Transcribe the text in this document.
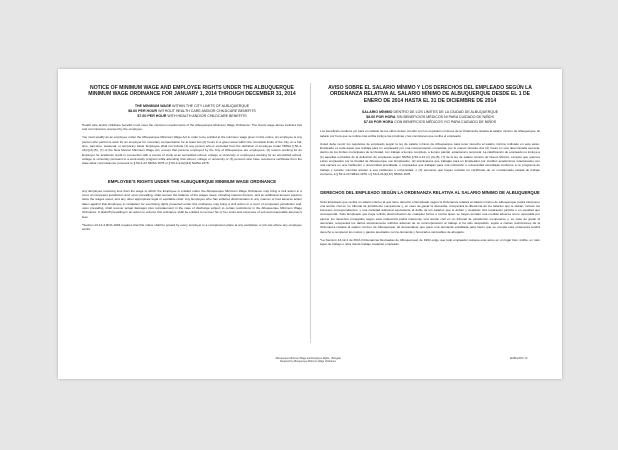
NOTICE OF MINIMUM WAGE AND EMPLOYEE RIGHTS UNDER THE ALBUQUERQUE MINIMUM WAGE ORDINANCE FOR JANUARY 1, 2014 THROUGH DECEMBER 31, 2014
THE MINIMUM WAGE WITHIN THE CITY LIMITS OF ALBUQUERQUE
$8.60 PER HOUR WITHOUT HEALTH CARE AND/OR CHILDCARE BENEFITS
$7.60 PER HOUR WITH HEALTH AND/OR CHILDCARE BENEFITS
Health care and/or childcare benefits must meet the minimum requirements of the Albuquerque Minimum Wage Ordinance. The hourly wage above includes tips and commissions received by the employee.
You must qualify as an employee under the Albuquerque Minimum Wage Act in order to be entitled to the minimum wage given in this notice. An employee is any person who performs work for an employer for monetary compensation for at least two (2) hours in a given week within the municipal limits of the City on a full-time, part-time, seasonal, or temporary basis. Employee shall not include (1) any person who is excluded from the definition of employee under NMSA § 50-4-21(c)(3)-(5), (7) of the New Mexico Minimum Wage Act, except that persons employed by the City of Albuquerque are employees, (2) interns working for an Employer for academic credit in connection with a course of study at an accredited school, college or university or employees working for an accredited school, college or university pursuant to a work-study program while attending that school, college or university or (3) persons who have received a certificate from the state labor commissioner pursuant to § 50-4-23 NMSA 1978 or § 50-4-21(2)(12) NMSA 1978.
EMPLOYEE'S RIGHTS UNDER THE ALBUQUERQUE MINIMUM WAGE ORDINANCE
Any Employee receiving less than the wage to which the Employee is entitled under the Albuquerque Minimum Wage Ordinance may bring a civil action in a court of competent jurisdiction and, upon prevailing, shall recover the balance of the wages owed, including interest thereon, and an additional amount equal to twice the wages owed, and any other appropriate legal or equitable relief. Any Employee who has suffered discrimination in any manner or had adverse action taken against that Employee in retaliation for exercising rights protected under this ordinance may bring a civil action in a court of competent jurisdiction and, upon prevailing, shall recover actual damages plus reinstatement in the case of discharge subject to certain restrictions in the Albuquerque Minimum Wage Ordinance. A plaintiff prevailing in an action to enforce this ordinance shall be entitled to recover his or her costs and expenses of suit and reasonable attorney's fees.
*Section 13-12-4 ROA 1994 requires that this notice shall be posted by every employer in a conspicuous place at any workplace or job site where any employee works.
AVISO SOBRE EL SALARIO MÍNIMO Y LOS DERECHOS DEL EMPLEADO SEGÚN LA ORDENANZA RELATIVA AL SALARIO MÍNIMO DE ALBUQUERQUE DESDE EL 1 DE ENERO DE 2014 HASTA EL 31 DE DICIEMBRE DE 2014
SALARIO MÍNIMO DENTRO DE LOS LÍMITES DE LA CIUDAD DE ALBUQUERQUE
$8.60 POR HORA SIN BENEFICIOS MÉDICOS NI PARA CUIDADO DE NIÑOS
$7.60 POR HORA CON BENEFICIOS MÉDICOS Y/O PARA CUIDADO DE NIÑOS
Los beneficios médicos y/o para el cuidado de los niños deben cumplir con los requisitos mínimos de la Ordenanza relativa al salario mínimo de Albuquerque. El salario por hora que se indica más arriba incluye las propinas y las comisiones que reciba el empleado.
Usted debe reunir los requisitos de empleado según la ley de salario mínimo de Albuquerque para tener derecho al salario mínimo indicado en este aviso. Empleado es toda aquel que trabaja para un empleador por una compensación monetaria, por lo menos durante dos (2) horas en una determinada semana, dentro de los límites municipales de la Ciudad, con trabajo a tiempo completo, a tiempo parcial, estacional o temporal. La clasificación de empleado no incluye a (1) aquellas excluidas de la definición de empleado según NMSA § 50-4-21 (c) (3)-(5), (7) de la ley de salario mínimo de Nuevo México, excepto que quienes están empleados por la Ciudad de Albuquerque son Empleados, (2) practicantes que trabajan para un Empleador por créditos académicos relacionados con una carrera en una institución o universidad acreditada, o empleados que trabajan para una institución o universidad acreditada conforme a un programa de trabajo y estudio mientras asisten a esa institución o universidad, o (3) personas que hayan recibido un certificado de un comisionado estatal de trabajo conforme a § 50-4-23 NMSA 1978 o § 50-4-21(2)(12) NMSA 1978.
DERECHOS DEL EMPLEADO SEGÚN LA ORDENANZA RELATIVA AL SALARIO MÍNIMO DE ALBUQUERQUE
Todo Empleado que reciba un salario inferior al que tiene derecho el Empleado según la Ordenanza relativa al salario mínimo de Albuquerque podrá interponer una acción civil en un tribunal de jurisdicción competente y, en caso de ganar la demanda, recuperará la diferencia de los salarios que le deban, incluso los intereses correspondientes, y una cantidad adicional equivalente al doble de los salarios que le deban y cualquier otra reparación jurídica o en equidad que corresponda. Todo Empleado que haya sufrido discriminación de cualquier forma o contra quien se hayan tomado una medida adversa como represalia por ejercer los derechos protegidos según esta ordenanza podrá interponer una acción civil en un tribunal de jurisdicción competente y, en caso de ganar la demanda, recuperará los daños efectivamente sufridos además de su reincorporación al trabajo si ha sido despedido, sujeto a ciertas restricciones de la Ordenanza relativa al salario mínimo de Albuquerque. El demandante que gane una demanda entablada para hacer que se cumpla esta ordenanza tendrá derecho a recuperar los costos y gastos asociados con la demanda y honorarios razonables de abogado.
*La Sección 13-12-4 de ROA (Ordenanzas Revisadas de Albuquerque) de 1994 exige que todo empleador coloque este aviso en un lugar bien visible, en todo lugar de trabajo o obra donde trabaje cualquier empleado.
Albuquerque Minimum Wage and Employee Rights · Bilingual
Required by Albuquerque Minimum Wage Ordinance
EN/Bus/WH r.v5
